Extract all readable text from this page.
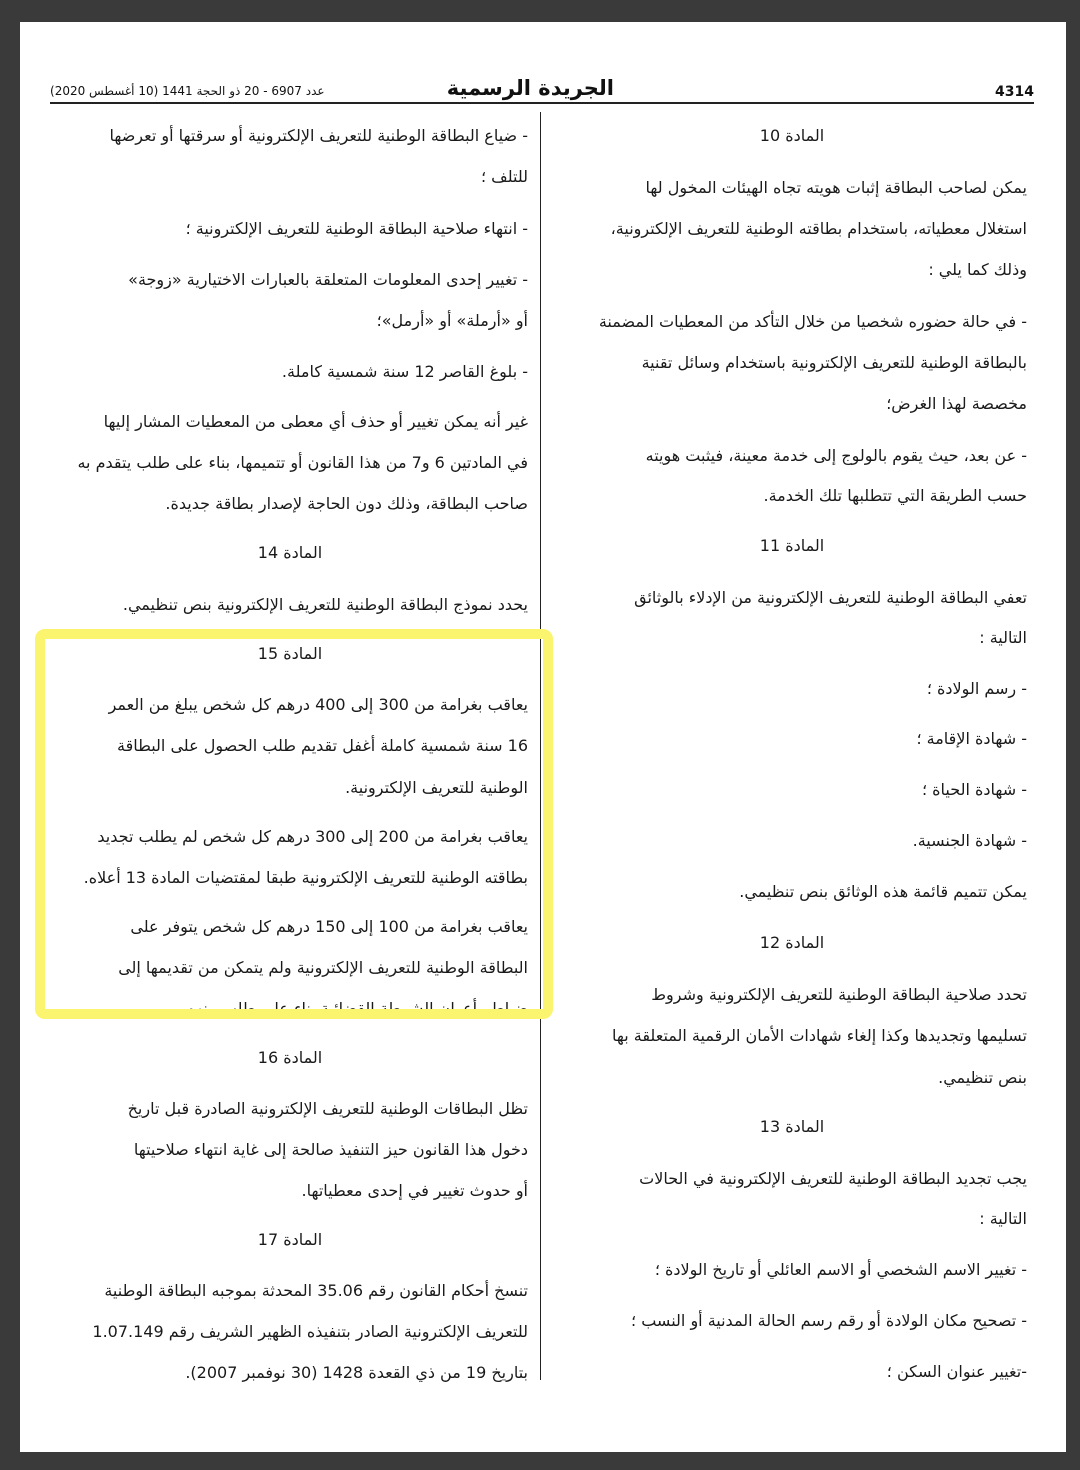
4314
الجريدة الرسمية
عدد 6907 - 20 ذو الحجة 1441 (10 أغسطس 2020)
المادة 10
يمكن لصاحب البطاقة إثبات هويته تجاه الهيئات المخول لها
استغلال معطياته، باستخدام بطاقته الوطنية للتعريف الإلكترونية،
وذلك كما يلي :
- في حالة حضوره شخصيا من خلال التأكد من المعطيات المضمنة
بالبطاقة الوطنية للتعريف الإلكترونية باستخدام وسائل تقنية
مخصصة لهذا الغرض؛
- عن بعد، حيث يقوم بالولوج إلى خدمة معينة، فيثبت هويته
حسب الطريقة التي تتطلبها تلك الخدمة.
المادة 11
تعفي البطاقة الوطنية للتعريف الإلكترونية من الإدلاء بالوثائق
التالية :
- رسم الولادة ؛
- شهادة الإقامة ؛
- شهادة الحياة ؛
- شهادة الجنسية.
يمكن تتميم قائمة هذه الوثائق بنص تنظيمي.
المادة 12
تحدد صلاحية البطاقة الوطنية للتعريف الإلكترونية وشروط
تسليمها وتجديدها وكذا إلغاء شهادات الأمان الرقمية المتعلقة بها
بنص تنظيمي.
المادة 13
يجب تجديد البطاقة الوطنية للتعريف الإلكترونية في الحالات
التالية :
- تغيير الاسم الشخصي أو الاسم العائلي أو تاريخ الولادة ؛
- تصحيح مكان الولادة أو رقم رسم الحالة المدنية أو النسب ؛
-تغيير عنوان السكن ؛
- ضياع البطاقة الوطنية للتعريف الإلكترونية أو سرقتها أو تعرضها
للتلف ؛
- انتهاء صلاحية البطاقة الوطنية للتعريف الإلكترونية ؛
- تغيير إحدى المعلومات المتعلقة بالعبارات الاختيارية «زوجة»
أو «أرملة» أو «أرمل»؛
- بلوغ القاصر 12 سنة شمسية كاملة.
غير أنه يمكن تغيير أو حذف أي معطى من المعطيات المشار إليها
في المادتين 6 و7 من هذا القانون أو تتميمها، بناء على طلب يتقدم به
صاحب البطاقة، وذلك دون الحاجة لإصدار بطاقة جديدة.
المادة 14
يحدد نموذج البطاقة الوطنية للتعريف الإلكترونية بنص تنظيمي.
المادة 15
يعاقب بغرامة من 300 إلى 400 درهم كل شخص يبلغ من العمر
16 سنة شمسية كاملة أغفل تقديم طلب الحصول على البطاقة
الوطنية للتعريف الإلكترونية.
يعاقب بغرامة من 200 إلى 300 درهم كل شخص لم يطلب تجديد
بطاقته الوطنية للتعريف الإلكترونية طبقا لمقتضيات المادة 13 أعلاه.
يعاقب بغرامة من 100 إلى 150 درهم كل شخص يتوفر على
البطاقة الوطنية للتعريف الإلكترونية ولم يتمكن من تقديمها إلى
ضباط وأعوان الشرطة القضائية بناء على طلب منهم.
المادة 16
تظل البطاقات الوطنية للتعريف الإلكترونية الصادرة قبل تاريخ
دخول هذا القانون حيز التنفيذ صالحة إلى غاية انتهاء صلاحيتها
أو حدوث تغيير في إحدى معطياتها.
المادة 17
تنسخ أحكام القانون رقم 35.06 المحدثة بموجبه البطاقة الوطنية
للتعريف الإلكترونية الصادر بتنفيذه الظهير الشريف رقم 1.07.149
بتاريخ 19 من ذي القعدة 1428 (30 نوفمبر 2007).
